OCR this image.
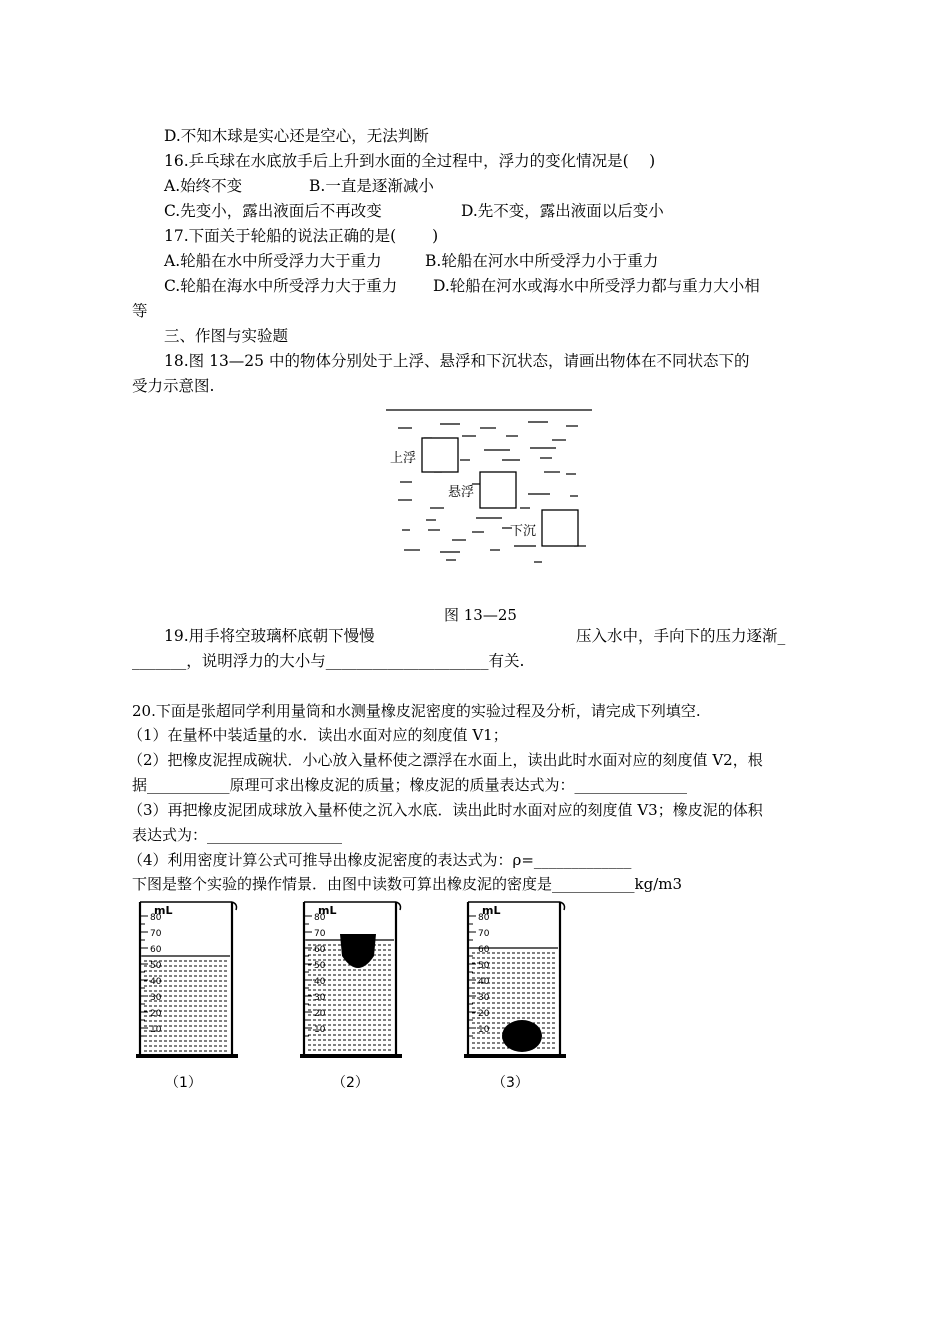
D.不知木球是实心还是空心，无法判断
16.乒乓球在水底放手后上升到水面的全过程中，浮力的变化情况是(　 )
A.始终不变	B.一直是逐渐减小
C.先变小，露出液面后不再改变	D.先不变，露出液面以后变小
17.下面关于轮船的说法正确的是(　　 )
A.轮船在水中所受浮力大于重力	B.轮船在河水中所受浮力小于重力
C.轮船在海水中所受浮力大于重力 D.轮船在河水或海水中所受浮力都与重力大小相
等
三、作图与实验题
18.图 13—25 中的物体分别处于上浮、悬浮和下沉状态，请画出物体在不同状态下的
受力示意图.
上浮
悬浮
下沉
图 13—25
19.用手将空玻璃杯底朝下慢慢	压入水中，手向下的压力逐渐_
_______，说明浮力的大小与_____________________有关.
20.下面是张超同学利用量筒和水测量橡皮泥密度的实验过程及分析，请完成下列填空.
（1）在量杯中装适量的水．读出水面对应的刻度值 V1；
（2）把橡皮泥捏成碗状．小心放入量杯使之漂浮在水面上，读出此时水面对应的刻度值 V2，根
据___________原理可求出橡皮泥的质量；橡皮泥的质量表达式为：_______________
（3）再把橡皮泥团成球放入量杯使之沉入水底．读出此时水面对应的刻度值 V3；橡皮泥的体积
表达式为：__________________
（4）利用密度计算公式可推导出橡皮泥密度的表达式为：ρ=_____________
下图是整个实验的操作情景．由图中读数可算出橡皮泥的密度是___________kg/m3
mL
80
70
60
50
40
30
20
10
mL
80
70
60
50
40
30
20
10
mL
80
70
60
50
40
30
20
10
（1）	（2）	（3）
